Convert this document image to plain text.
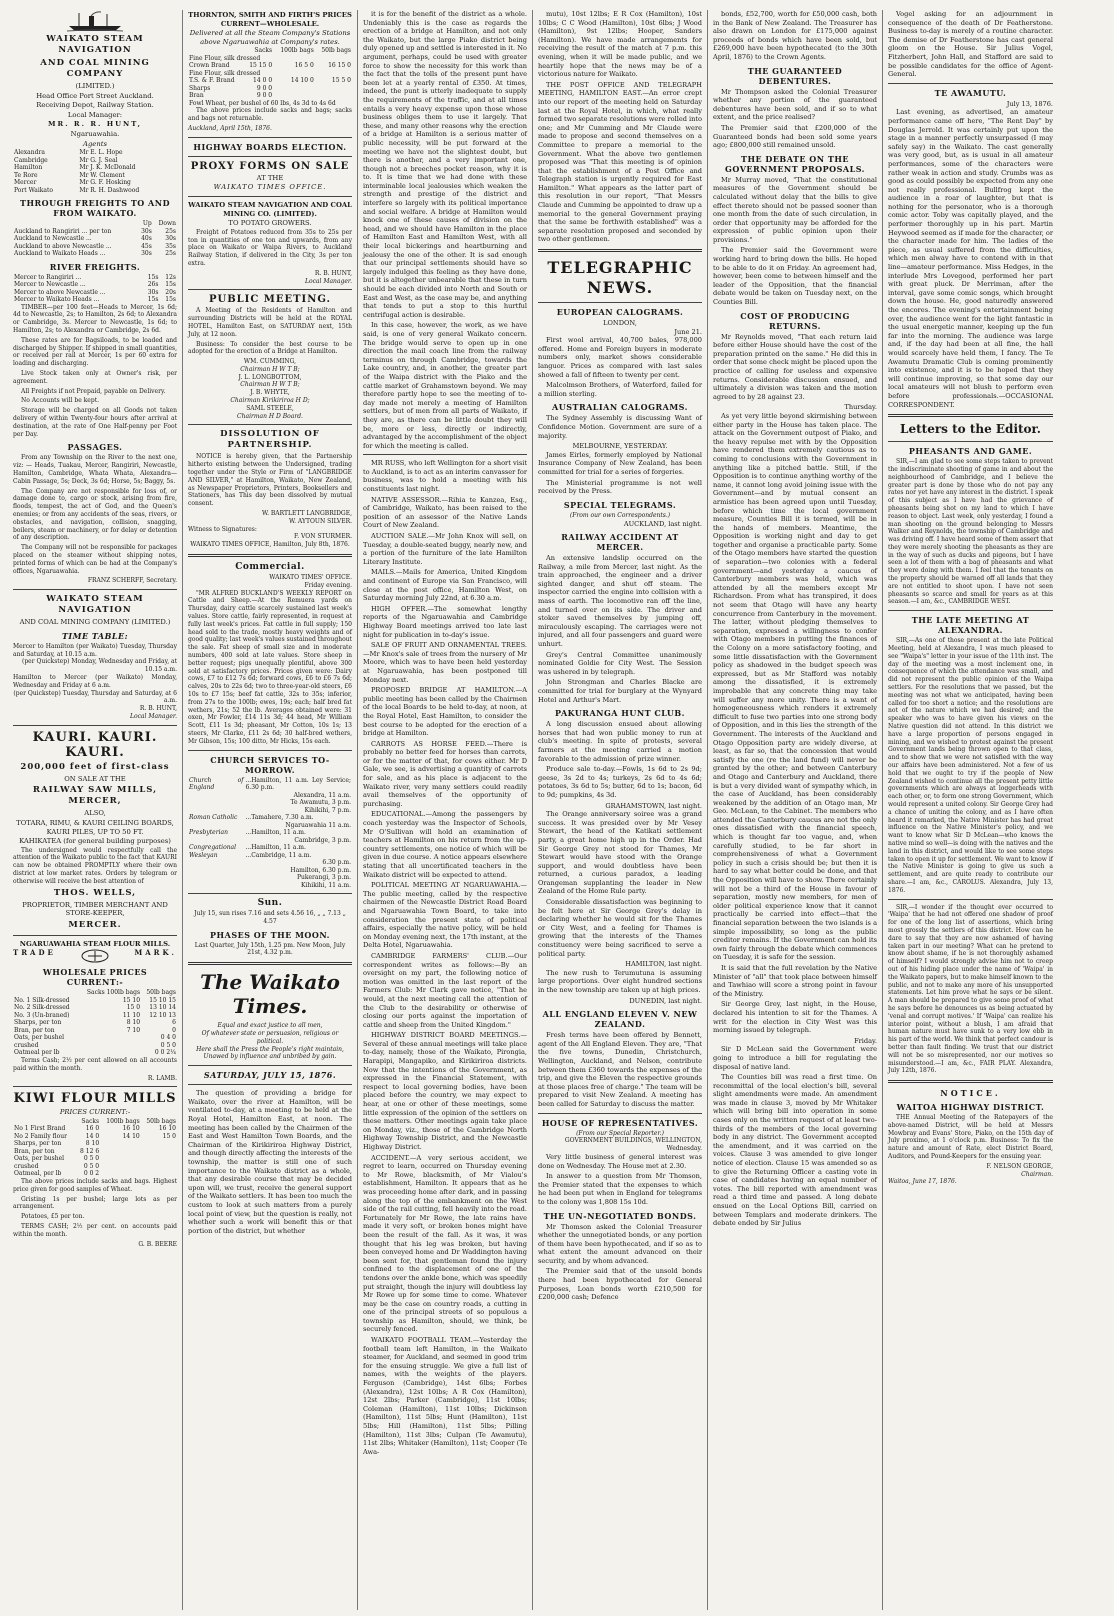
WAIKATO STEAM NAVIGATION
AND COAL MINING COMPANY
(LIMITED.)
Head Office Port Street Auckland.
Receiving Depot, Railway Station.
Local Manager:
MR. R. R. HUNT,
Ngaruawahia.
Agents
Alexandra	Mr E. L. Hope
Cambridge	Mr G. J. Seal
Hamilton	Mr J. K. McDonald
Te Rore	Mr W. Clement
Mercer	Mr G. F. Hosking
Port Waikato	Mr R. H. Dashwood
THROUGH FREIGHTS TO AND FROM WAIKATO.
	Up	Down
Auckland to Rangiriri ... per ton	30s	25s
Auckland to Newcastle ...	40s	30s
Auckland to above Newcastle ...	45s	35s
Auckland to Waikato Heads ...	30s	25s
RIVER FREIGHTS.
Mercer to Rangiriri ...	15s	12s
Mercer to Newcastle ...	26s	15s
Mercer to above Newcastle ...	30s	20s
Mercer to Waikato Heads ...	15s	15s
TIMBER—per 100 feet—Heads to Mercer, 1s 6d; 4d to Newcastle, 2s; to Hamilton, 2s 6d; to Alexandra or Cambridge, 3s. Mercer to Newcastle, 1s 6d; to Hamilton, 2s; to Alexandra or Cambridge, 2s 6d.
These rates are for Bagsiloads, to be loaded and discharged by Shipper. If shipped in small quantities, or received per rail at Mercer, 1s per 60 extra for loading and discharging.
Live Stock taken only at Owner's risk, per agreement.
All Freights if not Prepaid, payable on Delivery.
No Accounts will be kept.
Storage will be charged on all Goods not taken delivery of within Twenty-four hours after arrival at destination, at the rate of One Half-penny per Foot per Day.
PASSAGES.
From any Township on the River to the next one, viz: — Heads, Tuakau, Mercer, Rangiriri, Newcastle, Hamilton, Cambridge, Whata Whata, Alexandra— Cabin Passage, 5s; Deck, 3s 6d; Horse, 5s; Baggy, 5s.
The Company are not responsible for loss of, or damage done to, cargo or stock, arising from fire, floods, tempest, the act of God, and the Queen's enemies; or from any accidents of the seas, rivers, or obstacles, and navigation, collision, snagging, boilers, steam or machinery, or for delay or detention of any description.
The Company will not be responsible for packages placed on the steamer without shipping notes, printed forms of which can be had at the Company's offices, Ngaruawahia.
FRANZ SCHERFF, Secretary.
WAIKATO STEAM NAVIGATION
AND COAL MINING COMPANY (LIMITED.)
TIME TABLE:
Mercer to Hamilton (per Waikato) Tuesday, Thursday and Saturday, at 10.15 a.m.
(per Quickstep) Monday, Wednesday and Friday, at 10.15 a.m.
Hamilton to Mercer (per Waikato) Monday, Wednesday and Friday at 6 a.m.
(per Quickstep) Tuesday, Thursday and Saturday, at 6 a.m.
R. B. HUNT,
Local Manager.
KAURI. KAURI. KAURI.
200,000 feet of first-class
ON SALE AT THE
RAILWAY SAW MILLS, MERCER,
ALSO,
TOTARA, RIMU, & KAURI CEILING BOARDS, KAURI PILES, UP TO 50 FT.
KAHIKATEA (for general building purposes)
The undersigned would respectfully call the attention of the Waikato public to the fact that KAURI can now be obtained PROMPTLY where their own district at low market rates. Orders by telegram or otherwise will receive the best attention of
THOS. WELLS,
PROPRIETOR, TIMBER MERCHANT AND STORE-KEEPER,
MERCER.
NGARUAWAHIA STEAM FLOUR MILLS.
TRADE	MARK.
WHOLESALE PRICES CURRENT:-
	Sacks 100lb bags	50lb bags
No. 1 Silk-dressed	15 10	15 10 15
No. 2 Silk-dressed	15 0	13 10 14
No. 3 (Un-braned)	11 10	12 10 13
Sharps, per ton	8 10	6
Bran, per ton	7 10	0
Oats, per bushel	0 4 0
crushed	0 5 0
Oatmeal per lb	0 0 2¼
Terms Cash; 2½ per cent allowed on all accounts paid within the month.
R. LAMB.
KIWI FLOUR MILLS
PRICES CURRENT:-
	Sacks	100lb bags	50lb bags
No 1 First Brand	16 0	16 10	16 10
No 2 Family flour	14 0	14 10	15 0
Sharps, per ton	8 10		
Bran, per ton	8 12 6		
Oats, per bushel	0 5 0		
crushed	0 5 0		
Oatmeal, per lb	0 0 2		
The above prices include sacks and bags. Highest price given for good samples of Wheat.
Gristing 1s per bushel; large lots as per arrangement.
Potatoes, £5 per ton.
TERMS CASH; 2½ per cent. on accounts paid within the month.
G. B. BEERE
THORNTON, SMITH AND FIRTH'S PRICES CURRENT—WHOLESALE.
Delivered at all the Steam Company's Stations above Ngaruawahia at Company's rates.
	Sacks	100lb bags	50lb bags
Fine Flour, silk dressed			
Crown Brand	15 15 0	16 5 0	16 15 0
Fine Flour, silk dressed			
T.S. & F. Brand	14 0 0	14 10 0	15 5 0
Sharps	9 0 0		
Bran	9 0 0		
Fowl Wheat, per bushel of 60 lbs, 4s 3d to 4s 6d			
The above prices include sacks and bags; sacks and bags not returnable.
Auckland, April 15th, 1876.
HIGHWAY BOARDS ELECTION.
PROXY FORMS ON SALE
AT THE
WAIKATO TIMES OFFICE.
WAIKATO STEAM NAVIGATION AND COAL MINING CO. (LIMITED).
TO POTATO GROWERS.
Freight of Potatoes reduced from 35s to 25s per ton in quantities of one ton and upwards, from any place on Waikato or Waipa Rivers, to Auckland Railway Station, if delivered in the City, 3s per ton extra.
R. B. HUNT,
Local Manager.
PUBLIC MEETING.
A Meeting of the Residents of Hamilton and surrounding Districts will be held at the ROYAL HOTEL, Hamilton East, on SATURDAY next, 15th July, at 12 noon.
Business: To consider the best course to be adopted for the erection of a Bridge at Hamilton.
WM. CUMMING,
Chairman H W T B;
J. L. LONGBOTTOM,
Chairman H W T B;
J. B. WHYTE,
Chairman Kirikiriroa H D;
SAML STEELE,
Chairman H D Board.
DISSOLUTION OF PARTNERSHIP.
NOTICE is hereby given, that the Partnership hitherto existing between the Undersigned, trading together under the Style or Firm of "LANGBRIDGE AND SILVER," at Hamilton, Waikato, New Zealand, as Newspaper Proprietors, Printers, Booksellers and Stationers, has This day been dissolved by mutual consent.
W. BARTLETT LANGBRIDGE,
W. AYTOUN SILVER.
Witness to Signatures:
F. VON STURMER.
WAIKATO TIMES OFFICE, Hamilton, July 8th, 1876.
Commercial.
WAIKATO TIMES' OFFICE.
Friday evening.
"MR ALFRED BUCKLAND'S WEEKLY REPORT on Cattle and Sheep.—At the Remuera yards on Thursday, dairy cattle scarcely sustained last week's values. Store cattle, fairly represented, in request at fully last week's prices. Fat cattle in full supply; 150 head sold to the trade, mostly heavy weights and of good quality; last week's values sustained throughout the sale. Fat sheep of small size and in moderate numbers, 400 sold at late values. Store sheep in better request; pigs unequally plentiful, above 300 sold at satisfactory prices. Prices given were: Dairy cows, £7 to £12 7s 6d; forward cows, £6 to £6 7s 6d; calves, 20s to 22s 6d; two to three-year-old steers, £6 10s to £7 15s; beef fat cattle, 32s to 35s; inferior, from 27s to the 100lb; ewes, 19s; each; half bred fat wethers, 21s; 52 the lb. Averages obtained were: 31 oxen, Mr Fowler, £14 11s 3d; 44 head, Mr William Scott, £11 1s 3d; pheasant, Mr Cotton, 10s 1s; 13 steers, Mr Clarke, £11 2s 6d; 30 half-bred wethers, Mr Gibson, 15s; 100 ditto, Mr Hicks, 15s each.
CHURCH SERVICES TO-MORROW.
Church of England	...Hamilton, 11 a.m. Ley Service; 6.30 p.m.
	Alexandra, 11 a.m.
	Te Awamutu, 3 p.m.
	Kihikihi, 7 p.m.
Roman Catholic	...Tamahere, 7.30 a.m.
	Ngaruawahia 11 a.m.
Presbyterian	...Hamilton, 11 a.m.
	Cambridge, 3 p.m.
Congregational	...Hamilton, 11 a.m.
Wesleyan	...Cambridge, 11 a.m.
	6.30 p.m.
	Hamilton, 6.30 p.m.
	Pukerangi, 3 p.m.
	Kihikihi, 11 a.m.
Sun.
July 15, sun rises 7.16 and sets 4.56 16, „ „ 7.13 „ 4.57
PHASES OF THE MOON.
Last Quarter, July 15th, 1.25 pm. New Moon, July 21st, 4.32 p.m.
The Waikato Times.
Equal and exact justice to all men,
Of whatever state or persuasion, religious or political.
Here shall the Press the People's right maintain, Unawed by influence and unbribed by gain.
SATURDAY, JULY 15, 1876.
The question of providing a bridge for Waikato, over the river at Hamilton, will be ventilated to-day, at a meeting to be held at the Royal Hotel, Hamilton East, at noon. The meeting has been called by the Chairmen of the East and West Hamilton Town Boards, and the Chairman of the Kirikiriroa Highway District, and though directly affecting the interests of the township, the matter is still one of such importance to the Waikato district as a whole, that any desirable course that may be decided upon will, we trust, receive the general support of the Waikato settlers. It has been too much the custom to look at such matters from a purely local point of view, but the question is really, not whether such a work will benefit this or that portion of the district, but whether
it is for the benefit of the district as a whole. Undeniably this is the case as regards the erection of a bridge at Hamilton, and not only the Waikato, but the large Piako district being duly opened up and settled is interested in it. No argument, perhaps, could be used with greater force to show the necessity for this work than the fact that the tolls of the present punt have been let at a yearly rental of £350. At times, indeed, the punt is utterly inadequate to supply the requirements of the traffic, and at all times entails a very heavy expense upon those whose business obliges them to use it largely. That these, and many other reasons why the erection of a bridge at Hamilton is a serious matter of public necessity, will be put forward at the meeting we have not the slightest doubt, but there is another, and a very important one, though not a breeches pocket reason, why it is to. It is time that we had done with these interminable local jealousies which weaken the strength and prestige of the district and interfere so largely with its political importance and social welfare. A bridge at Hamilton would knock one of these causes of division on the head, and we should have Hamilton in the place of Hamilton East and Hamilton West, with all their local bickerings and heartburning and jealousy the one of the other. It is sad enough that our principal settlements should have so largely indulged this feeling as they have done, but it is altogether unbearable that these in turn should be each divided into North and South or East and West, as the case may be, and anything that tends to put a stop to this hurtful centrifugal action is desirable.
In this case, however, the work, as we have said, is one of very general Waikato concern. The bridge would serve to open up in one direction the mail coach line from the railway terminus on through Cambridge, towards the Lake country, and, in another, the greater part of the Waipa district with the Piako and the cattle market of Grahamstown beyond. We may therefore partly hope to see the meeting of to-day made not merely a meeting of Hamilton settlers, but of men from all parts of Waikato, if they are, as there can be little doubt they will be, more or less, directly or indirectly, advantaged by the accomplishment of the object for which the meeting is called.
MR RUSS, who left Wellington for a short visit to Auckland, is to act as an interim canvasser for business, was to hold a meeting with his constituents last night.
NATIVE ASSESSOR.—Rihia te Kanzea, Esq., of Cambridge, Waikato, has been raised to the position of an assessor of the Native Lands Court of New Zealand.
AUCTION SALE.—Mr John Knox will sell, on Tuesday, a double-seated buggy, nearly new, and a portion of the furniture of the late Hamilton Literary Institute.
MAILS.—Mails for America, United Kingdom and continent of Europe via San Francisco, will close at the post office, Hamilton West, on Saturday morning July 22nd, at 6.30 a.m.
HIGH OFFER.—The somewhat lengthy reports of the Ngaruawahia and Cambridge Highway Board meetings arrived too late last night for publication in to-day's issue.
SALE OF FRUIT AND ORNAMENTAL TREES.—Mr Knox's sale of trees from the nursery of Mr Moore, which was to have been held yesterday at Ngaruawahia, has been postponed till Monday next.
PROPOSED BRIDGE AT HAMILTON.—A public meeting has been called by the Chairmen of the local Boards to be held to-day, at noon, at the Royal Hotel, East Hamilton, to consider the best course to be adopted for the erection of a bridge at Hamilton.
CARROTS AS HORSE FEED.—There is probably no better feed for horses than carrots, or for the matter of that, for cows either. Mr D Gale, we see, is advertising a quantity of carrots for sale, and as his place is adjacent to the Waikato river, very many settlers could readily avail themselves of the opportunity of purchasing.
EDUCATIONAL.—Among the passengers by coach yesterday was the Inspector of Schools, Mr O'Sullivan will hold an examination of teachers at Hamilton on his return from the up-country settlements, one notice of which will be given in due course. A notice appears elsewhere stating that all uncertificated teachers in the Waikato district will be expected to attend.
POLITICAL MEETING AT NGARUAWAHIA.—The public meeting, called by the respective chairmen of the Newcastle District Road Board and Ngaruawahia Town Board, to take into consideration the present state of political affairs, especially the native policy, will be held on Monday evening next, the 17th instant, at the Delta Hotel, Ngaruawahia.
CAMBRIDGE FARMERS' CLUB.—Our correspondent writes as follows:—By an oversight on my part, the following notice of motion was omitted in the last report of the Farmers Club: Mr Clark gave notice, "That he would, at the next meeting call the attention of the Club to the desirability or otherwise of closing our ports against the importation of cattle and sheep from the United Kingdom."
HIGHWAY DISTRICT BOARD MEETINGS.—Several of these annual meetings will take place to-day, namely, those of the Waikato, Pirongia, Harapipi, Mangapiko, and Kirikiriroa districts. Now that the intentions of the Government, as expressed in the Financial Statement, with respect to local governing bodies, have been placed before the country, we may expect to hear, at one or other of these meetings, some little expression of the opinion of the settlers on these matters. Other meetings again take place on Monday, viz., those of the Cambridge North Highway Township District, and the Newcastle Highway District.
ACCIDENT.—A very serious accident, we regret to learn, occurred on Thursday evening to Mr Rowe, blacksmith, of Mr Vialou's establishment, Hamilton. It appears that as he was proceeding home after dark, and in passing along the top of the embankment on the West side of the rail cutting, fell heavily into the road. Fortunately for Mr Rowe, the late rains have made it very soft, or broken bones might have been the result of the fall. As it was, it was thought that his leg was broken, but having been conveyed home and Dr Waddington having been sent for, that gentleman found the injury confined to the displacement of one of the tendons over the ankle bone, which was speedily put straight, though the injury will doubtless lay Mr Rowe up for some time to come. Whatever may be the case on country roads, a cutting in one of the principal streets of so populous a township as Hamilton, should, we think, be securely fenced.
WAIKATO FOOTBALL TEAM.—Yesterday the football team left Hamilton, in the Waikato steamer, for Auckland, and seemed in good trim for the ensuing struggle. We give a full list of names, with the weights of the players. Ferguson (Cambridge), 14st 6lbs; Forbes (Alexandra), 12st 10lbs; A R Cox (Hamilton), 12st 2lbs; Parker (Cambridge), 11st 10lbs; Coleman (Hamilton), 11st 10lbs; Dickinson (Hamilton), 11st 5lbs; Hunt (Hamilton), 11st 5lbs; Hill (Hamilton), 11st 5lbs; Pilling (Hamilton), 11st 3lbs; Culpan (Te Awamutu), 11st 2lbs; Whitaker (Hamilton), 11st; Cooper (Te Awa-
mutu), 10st 12lbs; E R Cox (Hamilton), 10st 10lbs; C C Wood (Hamilton), 10st 6lbs; J Wood (Hamilton), 9st 12lbs; Hooper, Sanders (Hamilton). We have made arrangements for receiving the result of the match at 7 p.m. this evening, when it will be made public, and we heartily hope that the news may be of a victorious nature for Waikato.
THE POST OFFICE AND TELEGRAPH MEETING, HAMILTON EAST.—An error crept into our report of the meeting held on Saturday last at the Royal Hotel, in which, what really formed two separate resolutions were rolled into one; and Mr Cumming and Mr Claude were made to propose and second themselves on a Committee to prepare a memorial to the Government. What the above two gentlemen proposed was "That this meeting is of opinion that the establishment of a Post Office and Telegraph station is urgently required for East Hamilton." What appears as the latter part of this resolution in our report, "That Messrs Claude and Cumming be appointed to draw up a memorial to the general Government praying that the same be forthwith established" was a separate resolution proposed and seconded by two other gentlemen.
TELEGRAPHIC NEWS.
EUROPEAN CALOGRAMS.
LONDON,
June 21.
First wool arrival, 40,700 bales, 978,000 offered. Home and Foreign buyers in moderate numbers only, market shows considerable languor. Prices as compared with last sales showed a fall of fifteen to twenty per cent.
Malcolmson Brothers, of Waterford, failed for a million sterling.
AUSTRALIAN CALOGRAMS.
The Sydney Assembly is discussing Want of Confidence Motion. Government are sure of a majority.
MELBOURNE, YESTERDAY.
James Eirles, formerly employed by National Insurance Company of New Zealand, has been committed for trial for a series of forgeries.
The Ministerial programme is not well received by the Press.
SPECIAL TELEGRAMS.
(From our own Correspondents.)
AUCKLAND, last night.
RAILWAY ACCIDENT AT MERCER.
An extensive landslip occurred on the Railway, a mile from Mercer, last night. As the train approached, the engineer and a driver sighted danger, and shut off steam. The inspector carried the engine into collision with a mass of earth. The locomotive ran off the line, and turned over on its side. The driver and stoker saved themselves by jumping off, miraculously escaping. The carriages were not injured, and all four passengers and guard were unhurt.
Grey's Central Committee unanimously nominated Goldie for City West. The Session was ushered in by telegraph.
John Strongman and Charles Blacke are committed for trial for burglary at the Wynyard Hotel and Arthur's Mart.
PAKURANGA HUNT CLUB.
A long discussion ensued about allowing horses that had won public money to run at club's meeting. In spite of protests, several farmers at the meeting carried a motion favorable to the admission of prize winner.
Produce sale to-day.—Fowls, 1s 6d to 2s 9d; geese, 3s 2d to 4s; turkeys, 2s 6d to 4s 6d; potatoes, 3s 6d to 5s; butter, 6d to 1s; bacon, 6d to 9d; pumpkins, 4s 3d.
GRAHAMSTOWN, last night.
The Orange anniversary soiree was a grand success. It was presided over by Mr Vesey Stewart, the head of the Katikati settlement party, a great home high up in the Order. Had Sir George Grey not stood for Thames, Mr Stewart would have stood with the Orange support, and would doubtless have been returned, a curious paradox, a leading Orangeman supplanting the leader in New Zealand of the Home Rule party.
Considerable dissatisfaction was beginning to be felt here at Sir George Grey's delay in declaring whether he would sit for the Thames or City West, and a feeling for Thames is growing that the interests of the Thames constituency were being sacrificed to serve a political party.
HAMILTON, last night.
The new rush to Terumutuna is assuming large proportions. Over eight hundred sections in the new township are taken up at high prices.
DUNEDIN, last night.
ALL ENGLAND ELEVEN V. NEW ZEALAND.
Fresh terms have been offered by Bennett, agent of the All England Eleven. They are, "That the five towns, Dunedin, Christchurch, Wellington, Auckland, and Nelson, contribute between them £360 towards the expenses of the trip, and give the Eleven the respective grounds at those places free of charge." The team will be prepared to visit New Zealand. A meeting has been called for Saturday to discuss the matter.
HOUSE OF REPRESENTATIVES.
(From our Special Reporter.)
GOVERNMENT BUILDINGS, WELLINGTON, Wednesday.
Very little business of general interest was done on Wednesday. The House met at 2.30.
In answer to a question from Mr Thomson, the Premier stated that the expenses to which he had been put when in England for telegrams to the colony was 1,808 15s 10d.
THE UN-NEGOTIATED BONDS.
Mr Thomson asked the Colonial Treasurer whether the unnegotiated bonds, or any portion of them have been hypothecated, and if so as to what extent the amount advanced on their security, and by whom advanced.
The Premier said that of the unsold bonds there had been hypothecated for General Purposes, Loan bonds worth £210,500 for £200,000 cash; Defence
bonds, £52,700, worth for £50,000 cash, both in the Bank of New Zealand. The Treasurer has also drawn on London for £175,000 against proceeds of bonds which have been sold, but £269,000 have been hypothecated (to the 30th April, 1876) to the Crown Agents.
THE GUARANTEED DEBENTURES.
Mr Thompson asked the Colonial Treasurer whether any portion of the guaranteed debentures have been sold, and if so to what extent, and the price realised?
The Premier said that £200,000 of the Guaranteed bonds had been sold some years ago; £800,000 still remained unsold.
THE DEBATE ON THE GOVERNMENT PROPOSALS.
Mr Murray moved, "That the constitutional measures of the Government should be calculated without delay that the bills to give effect thereto should not be passed sooner than one month from the date of such circulation, in order that opportunity may be afforded for the expression of public opinion upon their provisions."
The Premier said the Government were working hard to bring down the bills. He hoped to be able to do it on Friday. An agreement had, however, been come to between himself and the leader of the Opposition, that the financial debate would be taken on Tuesday next, on the Counties Bill.
COST OF PRODUCING RETURNS.
Mr Reynolds moved, "That each return laid before either House should have the cost of the preparation printed on the same." He did this in order that some check might be placed upon the practice of calling for useless and expensive returns. Considerable discussion ensued, and ultimately a division was taken and the motion agreed to by 28 against 23.
Thursday.
As yet very little beyond skirmishing between either party in the House has taken place. The attack on the Government outpost of Piako, and the heavy repulse met with by the Opposition have rendered them extremely cautious as to coming to conclusions with the Government in anything like a pitched battle. Still, if the Opposition is to continue anything worthy of the name, it cannot long avoid joining issue with the Government—and by mutual consent an armistice has been agreed upon until Tuesday, before which time the local government measure, Counties Bill it is termed, will be in the hands of members. Meantime, the Opposition is working night and day to get together and organise a practicable party. Some of the Otago members have started the question of separation—two colonies with a federal government—and yesterday a caucus of Canterbury members was held, which was attended by all the members except Mr Richardson. From what has transpired, it does not seem that Otago will have any hearty concurrence from Canterbury in the movement. The latter, without pledging themselves to separation, expressed a willingness to confer with Otago members in putting the finances of the Colony on a more satisfactory footing, and some little dissatisfaction with the Government policy as shadowed in the budget speech was expressed, but as Mr Stafford was notably among the dissatisfied, it is extremely improbable that any concrete thing may take will suffer any more unity. There is a want of homogeneousness which renders it extremely difficult to fuse two parties into one strong body of Opposition, and in this lies the strength of the Government. The interests of the Auckland and Otago Opposition party are widely diverse, at least, as far so, that the concession that would satisfy the one (re the land fund) will never be granted by the other; and between Canterbury and Otago and Canterbury and Auckland, there is but a very divided want of sympathy which, in the case of Auckland, has been considerably weakened by the addition of an Otago man, Mr Geo. McLean, to the Cabinet. The members who attended the Canterbury caucus are not the only ones dissatisfied with the financial speech, which is thought far too vague, and, when carefully studied, to be far short in comprehensiveness of what a Government policy in such a crisis should be; but then it is hard to say what better could be done, and that the Opposition will have to show. There certainly will not be a third of the House in favour of separation, mostly new members, for men of older political experience know that it cannot practically be carried into effect—that the financial separation between the two islands is a simple impossibility, so long as the public creditor remains. If the Government can hold its own fairly through the debate which commences on Tuesday, it is safe for the session.
It is said that the full revelation by the Native Minister of "all" that took place between himself and Tawhiao will score a strong point in favour of the Ministry.
Sir George Grey, last night, in the House, declared his intention to sit for the Thames. A writ for the election in City West was this morning issued by telegraph.
Friday.
Sir D McLean said the Government were going to introduce a bill for regulating the disposal of native land.
The Counties bill was read a first time. On recommittal of the local election's bill, several slight amendments were made. An amendment was made in clause 3, moved by Mr Whitaker which will bring bill into operation in some cases only on the written request of at least two-thirds of the members of the local governing body in any district. The Government accepted the amendment, and it was carried on the voices. Clause 3 was amended to give longer notice of election. Clause 15 was amended so as to give the Returning Officer a casting vote in case of candidates having an equal number of votes. The bill reported with amendment was read a third time and passed. A long debate ensued on the Local Options Bill, carried on between Templars and moderate drinkers. The debate ended by Sir Julius
Vogel asking for an adjournment in consequence of the death of Dr Featherstone. Business to-day is merely of a routine character. The demise of Dr Featherstone has cast general gloom on the House. Sir Julius Vogel, Fitzherbert, John Hall, and Stafford are said to be possible candidates for the office of Agent-General.
TE AWAMUTU.
July 13, 1876.
Last evening, as advertised, an amateur performance came off here, "The Rent Day" by Douglas Jerrold. It was certainly put upon the stage in a manner perfectly unsurpassed (I may safely say) in the Waikato. The cast generally was very good, but, as is usual in all amateur performances, some of the characters were rather weak in action and study. Crumbs was as good as could possibly be expected from any one not really professional. Bullfrog kept the audience in a roar of laughter, but that is nothing for the personator, who is a thorough comic actor. Toby was capitally played, and the performer thoroughly up in his part. Martin Heywood seemed as if made for the character, or the character made for him. The ladies of the piece, as usual suffered from the difficulties, which men alway have to contend with in that line—amateur performance. Miss Hedges, in the interlude Mrs Lovegood, performed her part with great pluck. Dr Merriman, after the interval, gave some comic songs, which brought down the house. He, good naturedly answered the encores. The evening's entertainment being over, the audience went for the light fantastic in the usual energetic manner, keeping up the fun far into the morning. The audience was large and, if the day had been at all fine, the hall would scarcely have held them, I fancy. The Te Awamutu Dramatic Club is coming prominently into existence, and it is to be hoped that they will continue improving, so that some day our local amateurs will not blush to perform even before professionals.—OCCASIONAL CORRESPONDENT.
Letters to the Editor.
PHEASANTS AND GAME.
SIR,—I am glad to see some steps taken to prevent the indiscriminate shooting of game in and about the neighbourhood of Cambridge, and I believe the greater part is done by those who do not pay any rates nor yet have any interest in the district. I speak of this subject as I have had the grievance of pheasants being shot on my land to which I have reason to object. Last week, only yesterday, I found a man shooting on the ground belonging to Messrs Walker and Reynolds, the township of Cambridge and was driving off. I have heard some of them assert that they were merely shooting the pheasants as they are in the way of such as ducks and pigeons, but I have seen a lot of them with a bag of pheasants and what they were doing with them. I feel that the tenants on the property should be warned off all lands that they are not entitled to shoot upon. I have not seen pheasants so scarce and small for years as at this season.—I am, &c., CAMBRIDGE WEST.
THE LATE MEETING AT ALEXANDRA.
SIR,—As one of those present at the late Political Meeting, held at Alexandra, I was much pleased to see "Waipa's" letter in your issue of the 11th inst. The day of the meeting was a most inclement one, in consequence of which the attendance was small, and did not represent the public opinion of the Waipa settlers. For the resolutions that we passed, but the meeting was not what we anticipated, having been called for too short a notice; and the resolutions are not of the nature which we had desired; and the speaker who was to have given his views on the Native question did not attend. In this district we have a large proportion of persons engaged in mining, and we wished to protest against the present Government lands being thrown open to that class, and to show that we were not satisfied with the way our affairs have been administered. Not a few of us hold that we ought to try if the people of New Zealand wished to continue all the present petty little governments which are always at loggerheads with each other, or, to form one strong Government, which would represent a united colony. Sir George Grey had a chance of uniting the colony, and as I have often heard it remarked, the Native Minister has had great influence on the Native Minister's policy, and we want to know what Sir D McLean—who knows the native mind so well—is doing with the natives and the land in this district, and would like to see some steps taken to open it up for settlement. We want to know if the Native Minister is going to give us such a settlement, and are quite ready to contribute our share.—I am, &c., CAROLUS. Alexandra, July 13, 1876.
SIR,—I wonder if the thought ever occurred to 'Waipa' that he had not offered one shadow of proof for one of the long list of assertions, which bring most grossly the settlers of this district. How can he dare to say that they are now ashamed of having taken part in our meeting? What can he pretend to know about shame, if he is not thoroughly ashamed of himself? I would strongly advise him not to creep out of his hiding place under the name of 'Waipa' in the Waikato papers, but to make himself known to the public, and not to make any more of his unsupported statements. Let him prove what he says or be silent. A man should be prepared to give some proof of what he says before he denounces us as being actuated by 'venal and corrupt motives.' If 'Waipa' can realize his interior point, without a blush, I am afraid that human nature must have sunk to a very low ebb in his part of the world. We think that perfect candour is better than fault finding. We trust that our district will not be so misrepresented, nor our motives so misunderstood.—I am, &c., FAIR PLAY. Alexandra, July 12th, 1876.
NOTICE.
WAITOA HIGHWAY DISTRICT.
THE Annual Meeting of the Ratepayers of the above-named District, will be held at Messrs Mowbray and Evans' Store, Piako, on the 15th day of July proximo, at 1 o'clock p.m. Business: To fix the nature and amount of Rate, elect District Board, Auditors, and Pound-Keepers for the ensuing year.
F. NELSON GEORGE,
Chairman.
Waitoa, June 17, 1876.
